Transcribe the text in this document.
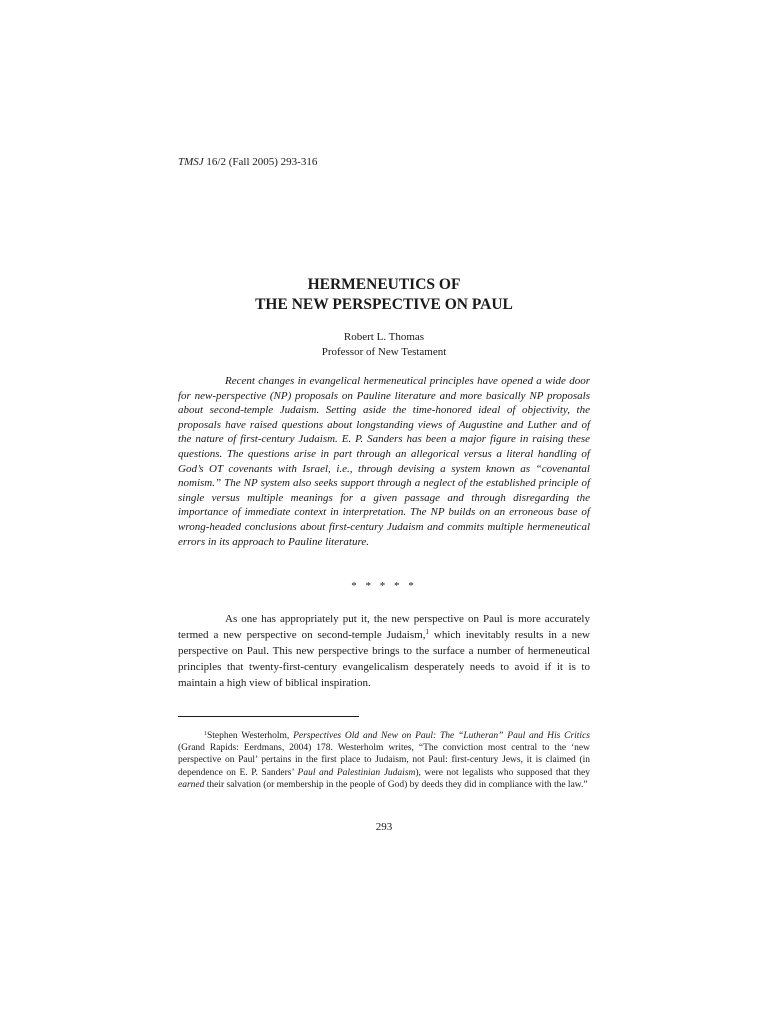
TMSJ 16/2 (Fall 2005) 293-316
HERMENEUTICS OF
THE NEW PERSPECTIVE ON PAUL
Robert L. Thomas
Professor of New Testament

Recent changes in evangelical hermeneutical principles have opened a wide door for new-perspective (NP) proposals on Pauline literature and more basically NP proposals about second-temple Judaism. Setting aside the time-honored ideal of objectivity, the proposals have raised questions about longstanding views of Augustine and Luther and of the nature of first-century Judaism. E. P. Sanders has been a major figure in raising these questions. The questions arise in part through an allegorical versus a literal handling of God’s OT covenants with Israel, i.e., through devising a system known as “covenantal nomism.” The NP system also seeks support through a neglect of the established principle of single versus multiple meanings for a given passage and through disregarding the importance of immediate context in interpretation. The NP builds on an erroneous base of wrong-headed conclusions about first-century Judaism and commits multiple hermeneutical errors in its approach to Pauline literature.

* * * * *

As one has appropriately put it, the new perspective on Paul is more accurately termed a new perspective on second-temple Judaism,$^1$ which inevitably results in a new perspective on Paul. This new perspective brings to the surface a number of hermeneutical principles that twenty-first-century evangelicalism desperately needs to avoid if it is to maintain a high view of biblical inspiration.

$^1$Stephen Westerholm, Perspectives Old and New on Paul: The “Lutheran” Paul and His Critics (Grand Rapids: Eerdmans, 2004) 178. Westerholm writes, “The conviction most central to the ‘new perspective on Paul’ pertains in the first place to Judaism, not Paul: first-century Jews, it is claimed (in dependence on E. P. Sanders’ Paul and Palestinian Judaism), were not legalists who supposed that they earned their salvation (or membership in the people of God) by deeds they did in compliance with the law.”

293
